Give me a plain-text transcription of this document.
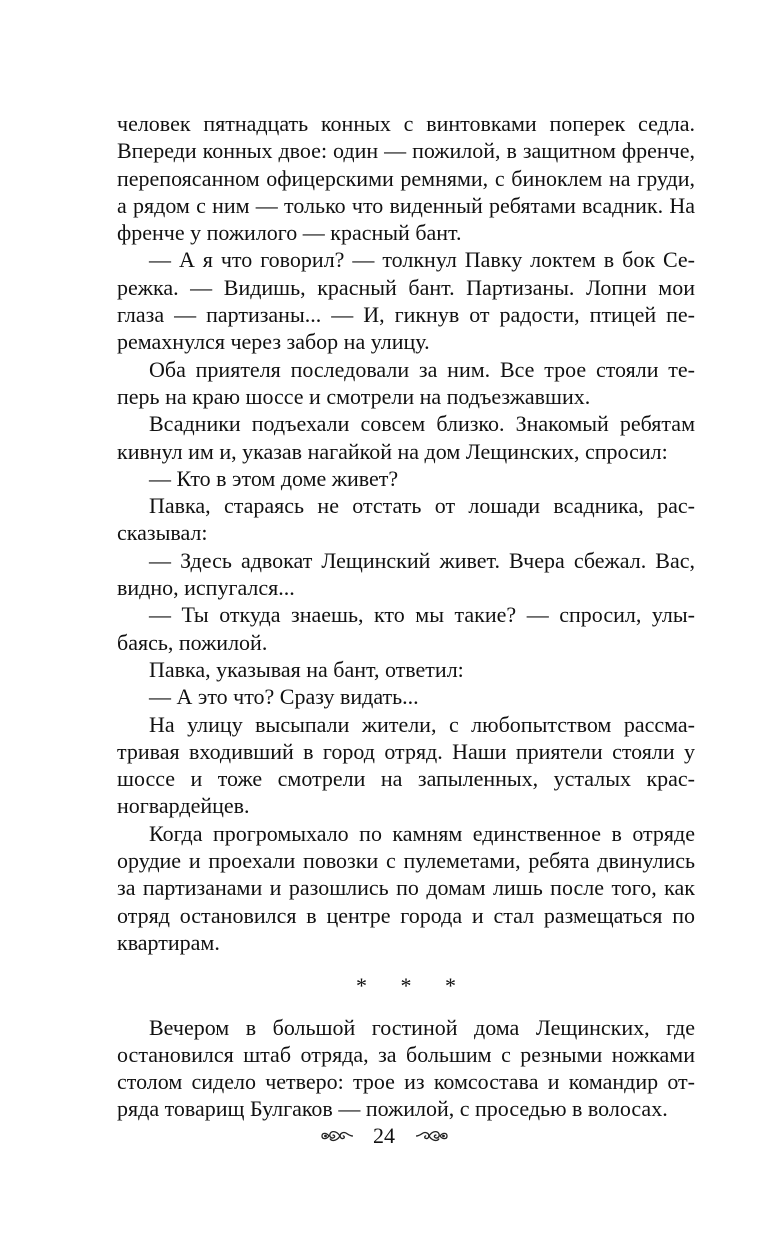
человек пятнадцать конных с винтовками поперек седла. Впереди конных двое: один — пожилой, в защитном френче, перепоясанном офицерскими ремнями, с биноклем на груди, а рядом с ним — только что виденный ребятами всадник. На френче у пожилого — красный бант.

— А я что говорил? — толкнул Павку локтем в бок Сережка. — Видишь, красный бант. Партизаны. Лопни мои глаза — партизаны... — И, гикнув от радости, птицей перемахнулся через забор на улицу.

Оба приятеля последовали за ним. Все трое стояли теперь на краю шоссе и смотрели на подъезжавших.

Всадники подъехали совсем близко. Знакомый ребятам кивнул им и, указав нагайкой на дом Лещинских, спросил:

— Кто в этом доме живет?

Павка, стараясь не отстать от лошади всадника, рассказывал:

— Здесь адвокат Лещинский живет. Вчера сбежал. Вас, видно, испугался...

— Ты откуда знаешь, кто мы такие? — спросил, улыбаясь, пожилой.

Павка, указывая на бант, ответил:

— А это что? Сразу видать...

На улицу высыпали жители, с любопытством рассматривая входивший в город отряд. Наши приятели стояли у шоссе и тоже смотрели на запыленных, усталых красногвардейцев.

Когда прогромыхало по камням единственное в отряде орудие и проехали повозки с пулеметами, ребята двинулись за партизанами и разошлись по домам лишь после того, как отряд остановился в центре города и стал размещаться по квартирам.

* * *

Вечером в большой гостиной дома Лещинских, где остановился штаб отряда, за большим с резными ножками столом сидело четверо: трое из комсостава и командир отряда товарищ Булгаков — пожилой, с проседью в волосах.

24
